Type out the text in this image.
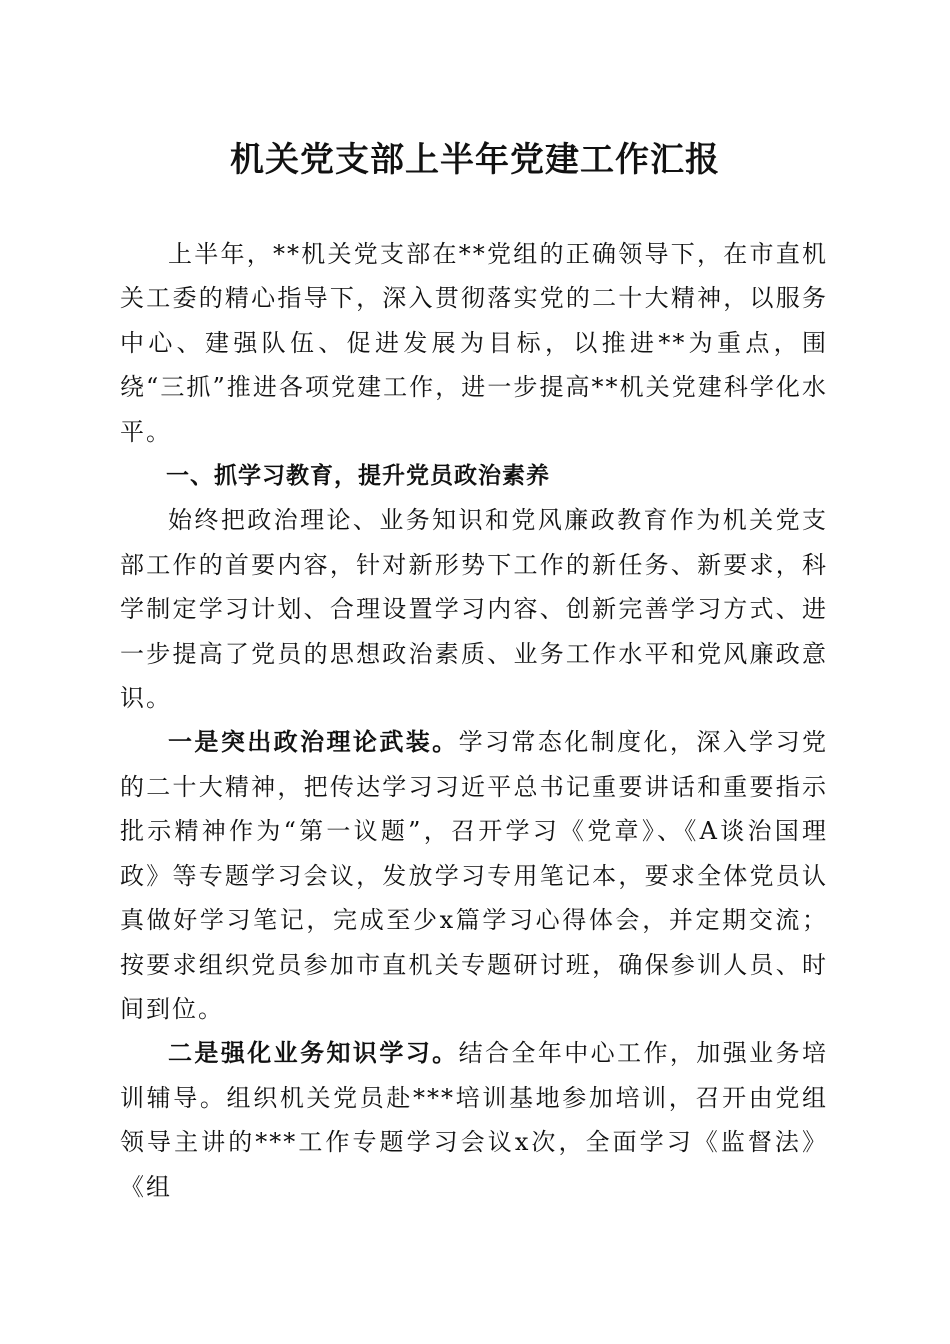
机关党支部上半年党建工作汇报

上半年，**机关党支部在**党组的正确领导下，在市直机关工委的精心指导下，深入贯彻落实党的二十大精神，以服务中心、建强队伍、促进发展为目标，以推进**为重点，围绕“三抓”推进各项党建工作，进一步提高**机关党建科学化水平。

一、抓学习教育，提升党员政治素养

始终把政治理论、业务知识和党风廉政教育作为机关党支部工作的首要内容，针对新形势下工作的新任务、新要求，科学制定学习计划、合理设置学习内容、创新完善学习方式、进一步提高了党员的思想政治素质、业务工作水平和党风廉政意识。

一是突出政治理论武装。学习常态化制度化，深入学习党的二十大精神，把传达学习习近平总书记重要讲话和重要指示批示精神作为“第一议题”，召开学习《党章》、《A谈治国理政》等专题学习会议，发放学习专用笔记本，要求全体党员认真做好学习笔记，完成至少x篇学习心得体会，并定期交流；按要求组织党员参加市直机关专题研讨班，确保参训人员、时间到位。

二是强化业务知识学习。结合全年中心工作，加强业务培训辅导。组织机关党员赴***培训基地参加培训，召开由党组领导主讲的***工作专题学习会议x次，全面学习《监督法》《组
